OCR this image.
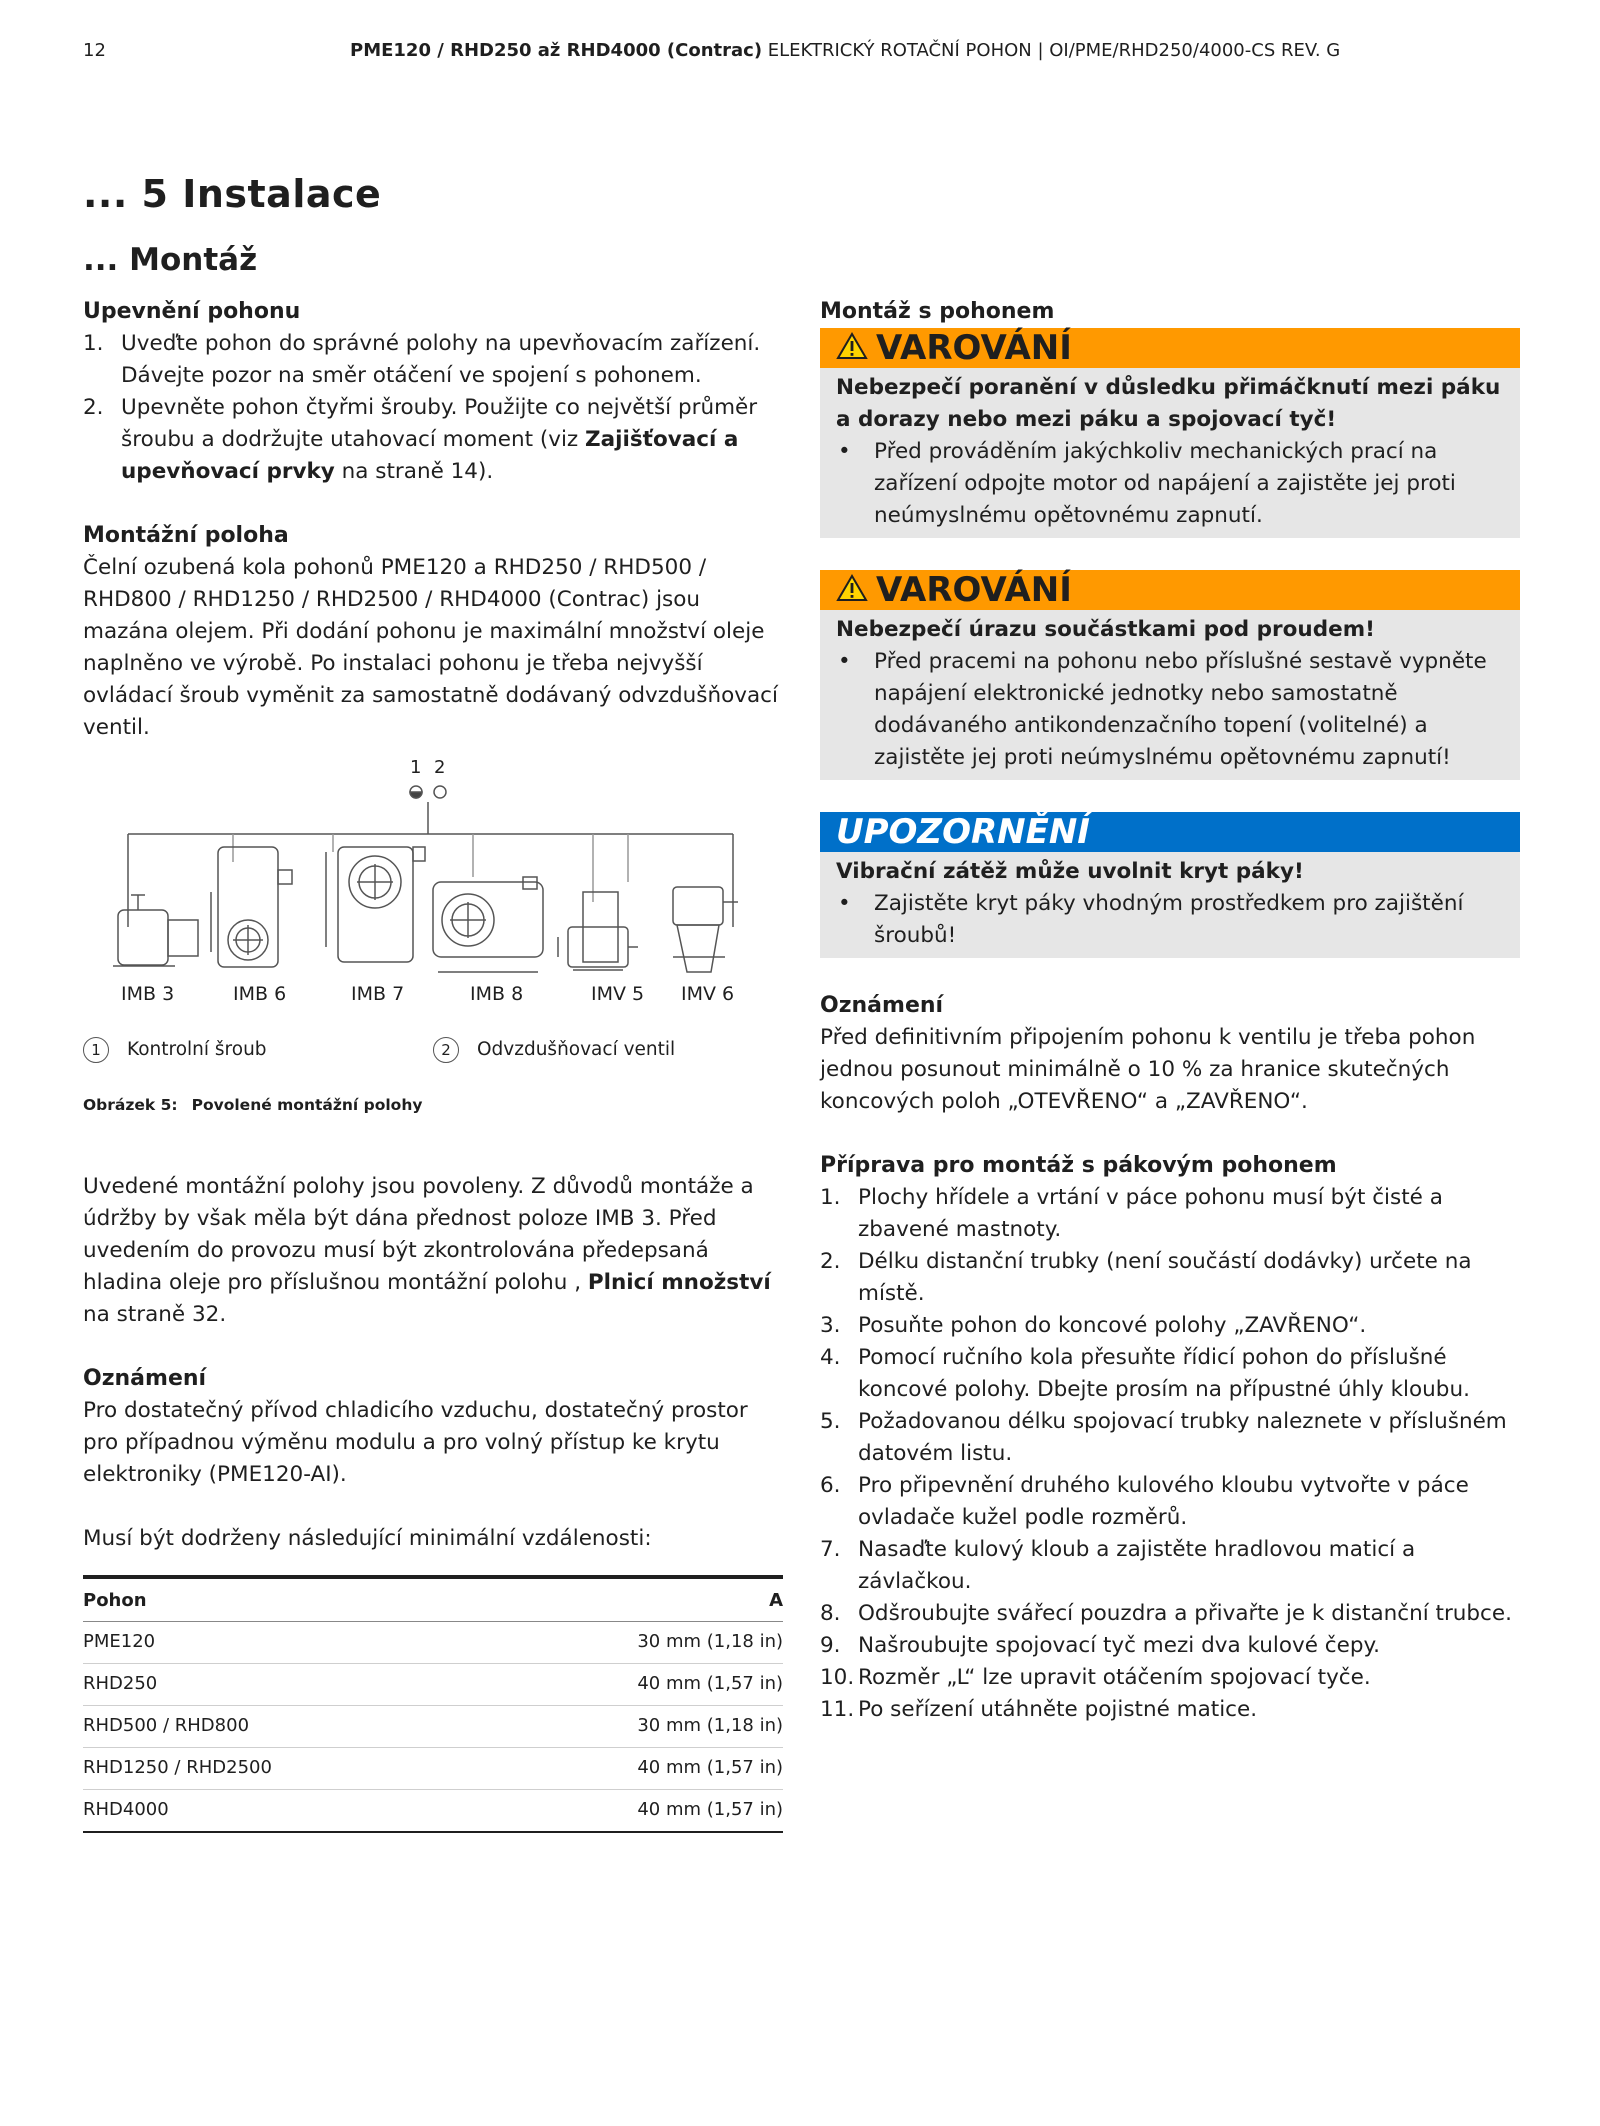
12	PME120 / RHD250 až RHD4000 (Contrac) ELEKTRICKÝ ROTAČNÍ POHON | OI/PME/RHD250/4000-CS REV. G
... 5 Instalace
... Montáž
Upevnění pohonu
1. Uveďte pohon do správné polohy na upevňovacím zařízení. Dávejte pozor na směr otáčení ve spojení s pohonem.
2. Upevněte pohon čtyřmi šrouby. Použijte co největší průměr šroubu a dodržujte utahovací moment (viz Zajišťovací a upevňovací prvky na straně 14).
Montážní poloha

Čelní ozubená kola pohonů PME120 a RHD250 / RHD500 / RHD800 / RHD1250 / RHD2500 / RHD4000 (Contrac) jsou mazána olejem. Při dodání pohonu je maximální množství oleje naplněno ve výrobě. Po instalaci pohonu je třeba nejvyšší ovládací šroub vyměnit za samostatně dodávaný odvzdušňovací ventil.

1 2
IMB 3	IMB 6	IMB 7	IMB 8	IMV 5 IMV 6
1	Kontrolní šroub	2	Odvzdušňovací ventil
Obrázek 5: Povolené montážní polohy

Uvedené montážní polohy jsou povoleny. Z důvodů montáže a údržby by však měla být dána přednost poloze IMB 3. Před uvedením do provozu musí být zkontrolována předepsaná hladina oleje pro příslušnou montážní polohu , Plnicí množství na straně 32.

Oznámení

Pro dostatečný přívod chladicího vzduchu, dostatečný prostor pro případnou výměnu modulu a pro volný přístup ke krytu elektroniky (PME120-AI).

Musí být dodrženy následující minimální vzdálenosti:

Pohon	A
PME120	30 mm (1,18 in)
RHD250	40 mm (1,57 in)
RHD500 / RHD800	30 mm (1,18 in)
RHD1250 / RHD2500	40 mm (1,57 in)
RHD4000	40 mm (1,57 in)
Montáž s pohonem
VAROVÁNÍ
Nebezpečí poranění v důsledku přimáčknutí mezi páku a dorazy nebo mezi páku a spojovací tyč!
• Před prováděním jakýchkoliv mechanických prací na zařízení odpojte motor od napájení a zajistěte jej proti neúmyslnému opětovnému zapnutí.
VAROVÁNÍ
Nebezpečí úrazu součástkami pod proudem!
• Před pracemi na pohonu nebo příslušné sestavě vypněte napájení elektronické jednotky nebo samostatně dodávaného antikondenzačního topení (volitelné) a zajistěte jej proti neúmyslnému opětovnému zapnutí!
UPOZORNĚNÍ
Vibrační zátěž může uvolnit kryt páky!
• Zajistěte kryt páky vhodným prostředkem pro zajištění šroubů!
Oznámení

Před definitivním připojením pohonu k ventilu je třeba pohon jednou posunout minimálně o 10 % za hranice skutečných koncových poloh „OTEVŘENO“ a „ZAVŘENO“.

Příprava pro montáž s pákovým pohonem
1. Plochy hřídele a vrtání v páce pohonu musí být čisté a zbavené mastnoty.
2. Délku distanční trubky (není součástí dodávky) určete na místě.
3. Posuňte pohon do koncové polohy „ZAVŘENO“.
4. Pomocí ručního kola přesuňte řídicí pohon do příslušné koncové polohy. Dbejte prosím na přípustné úhly kloubu.
5. Požadovanou délku spojovací trubky naleznete v příslušném datovém listu.
6. Pro připevnění druhého kulového kloubu vytvořte v páce ovladače kužel podle rozměrů.
7. Nasaďte kulový kloub a zajistěte hradlovou maticí a závlačkou.
8. Odšroubujte svářecí pouzdra a přivařte je k distanční trubce.
9. Našroubujte spojovací tyč mezi dva kulové čepy.
10. Rozměr „L“ lze upravit otáčením spojovací tyče.
11. Po seřízení utáhněte pojistné matice.
